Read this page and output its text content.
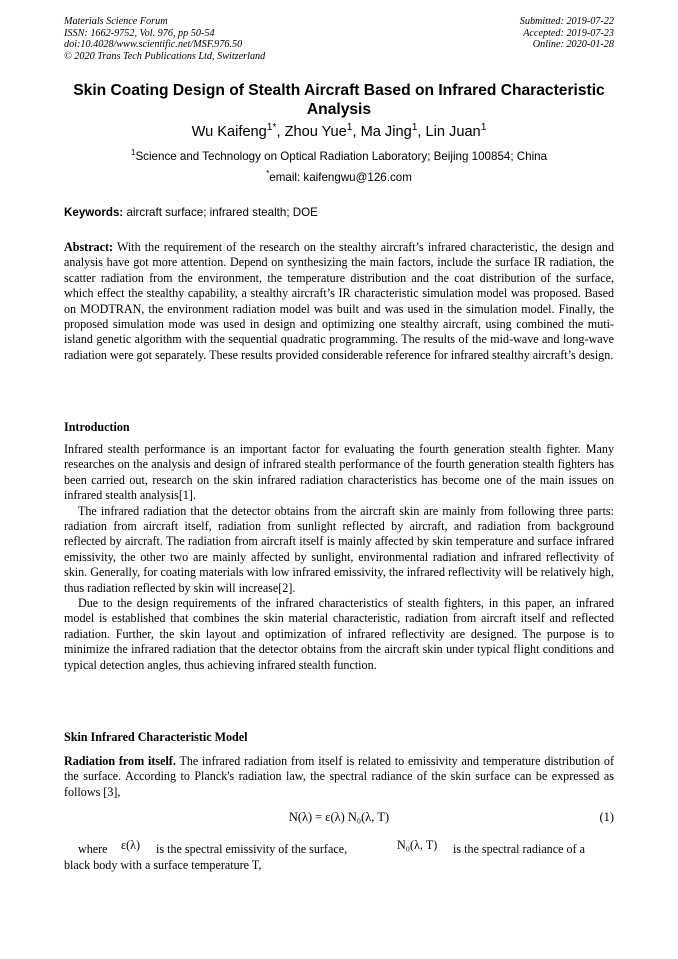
Materials Science Forum
ISSN: 1662-9752, Vol. 976, pp 50-54
doi:10.4028/www.scientific.net/MSF.976.50
© 2020 Trans Tech Publications Ltd, Switzerland
Submitted: 2019-07-22
Accepted: 2019-07-23
Online: 2020-01-28
Skin Coating Design of Stealth Aircraft Based on Infrared Characteristic Analysis
Wu Kaifeng$^{1*}$, Zhou Yue$^1$, Ma Jing$^1$, Lin Juan$^1$
$^1$Science and Technology on Optical Radiation Laboratory; Beijing 100854; China
*email: kaifengwu@126.com
Keywords: aircraft surface; infrared stealth; DOE

Abstract: With the requirement of the research on the stealthy aircraft’s infrared characteristic, the design and analysis have got more attention. Depend on synthesizing the main factors, include the surface IR radiation, the scatter radiation from the environment, the temperature distribution and the coat distribution of the surface, which effect the stealthy capability, a stealthy aircraft’s IR characteristic simulation model was proposed. Based on MODTRAN, the environment radiation model was built and was used in the simulation model. Finally, the proposed simulation mode was used in design and optimizing one stealthy aircraft, using combined the muti-island genetic algorithm with the sequential quadratic programming. The results of the mid-wave and long-wave radiation were got separately. These results provided considerable reference for infrared stealthy aircraft’s design.

Introduction

Infrared stealth performance is an important factor for evaluating the fourth generation stealth fighter. Many researches on the analysis and design of infrared stealth performance of the fourth generation stealth fighters has been carried out, research on the skin infrared radiation characteristics has become one of the main issues on infrared stealth analysis[1].

The infrared radiation that the detector obtains from the aircraft skin are mainly from following three parts: radiation from aircraft itself, radiation from sunlight reflected by aircraft, and radiation from background reflected by aircraft. The radiation from aircraft itself is mainly affected by skin temperature and surface infrared emissivity, the other two are mainly affected by sunlight, environmental radiation and infrared reflectivity of skin. Generally, for coating materials with low infrared emissivity, the infrared reflectivity will be relatively high, thus radiation reflected by skin will increase[2].

Due to the design requirements of the infrared characteristics of stealth fighters, in this paper, an infrared model is established that combines the skin material characteristic, radiation from aircraft itself and reflected radiation. Further, the skin layout and optimization of infrared reflectivity are designed. The purpose is to minimize the infrared radiation that the detector obtains from the aircraft skin under typical flight conditions and typical detection angles, thus achieving infrared stealth function.

Skin Infrared Characteristic Model

Radiation from itself. The infrared radiation from itself is related to emissivity and temperature distribution of the surface. According to Planck's radiation law, the spectral radiance of the skin surface can be expressed as follows [3],

N(λ) = ε(λ) N₀(λ, T)	(1)
where ε(λ) is the spectral emissivity of the surface,	N₀(λ, T) is the spectral radiance of a
black body with a surface temperature T,
